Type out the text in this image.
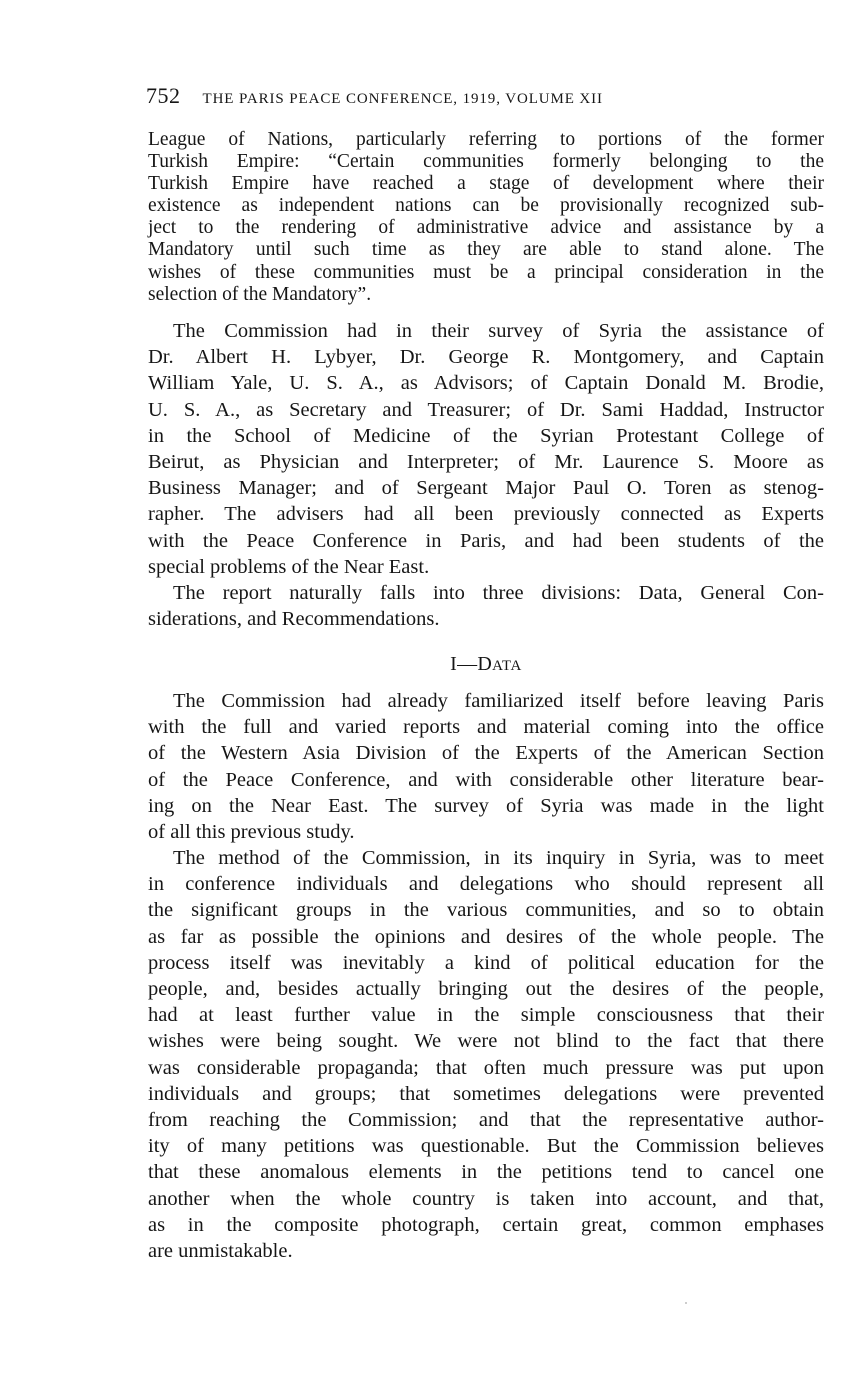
752 THE PARIS PEACE CONFERENCE, 1919, VOLUME XII
League of Nations, particularly referring to portions of the former
Turkish Empire: “Certain communities formerly belonging to the
Turkish Empire have reached a stage of development where their
existence as independent nations can be provisionally recognized sub-
ject to the rendering of administrative advice and assistance by a
Mandatory until such time as they are able to stand alone. The
wishes of these communities must be a principal consideration in the
selection of the Mandatory”.
The Commission had in their survey of Syria the assistance of
Dr. Albert H. Lybyer, Dr. George R. Montgomery, and Captain
William Yale, U. S. A., as Advisors; of Captain Donald M. Brodie,
U. S. A., as Secretary and Treasurer; of Dr. Sami Haddad, Instructor
in the School of Medicine of the Syrian Protestant College of
Beirut, as Physician and Interpreter; of Mr. Laurence S. Moore as
Business Manager; and of Sergeant Major Paul O. Toren as stenog-
rapher. The advisers had all been previously connected as Experts
with the Peace Conference in Paris, and had been students of the
special problems of the Near East.
The report naturally falls into three divisions: Data, General Con-
siderations, and Recommendations.
I—DATA
The Commission had already familiarized itself before leaving Paris
with the full and varied reports and material coming into the office
of the Western Asia Division of the Experts of the American Section
of the Peace Conference, and with considerable other literature bear-
ing on the Near East. The survey of Syria was made in the light
of all this previous study.
The method of the Commission, in its inquiry in Syria, was to meet
in conference individuals and delegations who should represent all
the significant groups in the various communities, and so to obtain
as far as possible the opinions and desires of the whole people. The
process itself was inevitably a kind of political education for the
people, and, besides actually bringing out the desires of the people,
had at least further value in the simple consciousness that their
wishes were being sought. We were not blind to the fact that there
was considerable propaganda; that often much pressure was put upon
individuals and groups; that sometimes delegations were prevented
from reaching the Commission; and that the representative author-
ity of many petitions was questionable. But the Commission believes
that these anomalous elements in the petitions tend to cancel one
another when the whole country is taken into account, and that,
as in the composite photograph, certain great, common emphases
are unmistakable.
